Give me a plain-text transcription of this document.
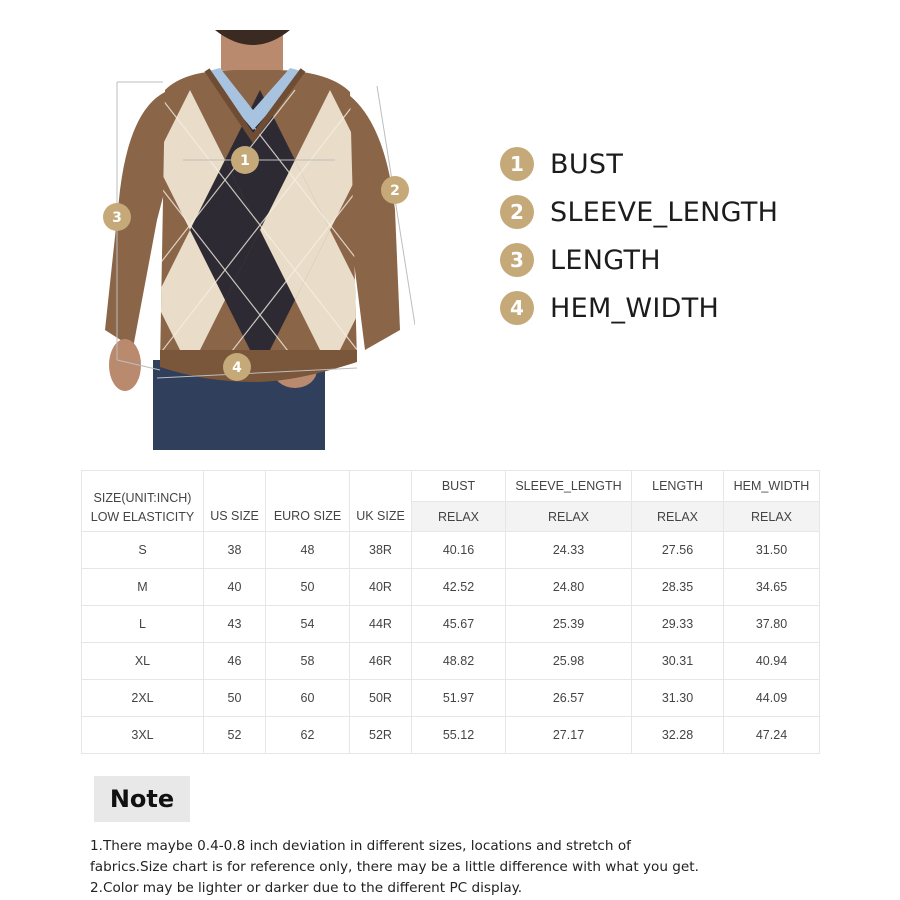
1
2
3
4
1 BUST
2 SLEEVE_LENGTH
3 LENGTH
4 HEM_WIDTH
SIZE(UNIT:INCH)
LOW ELASTICITY	US SIZE	EURO SIZE	UK SIZE	BUST	SLEEVE_LENGTH	LENGTH	HEM_WIDTH
				RELAX	RELAX	RELAX	RELAX
S	38	48	38R	40.16	24.33	27.56	31.50
M	40	50	40R	42.52	24.80	28.35	34.65
L	43	54	44R	45.67	25.39	29.33	37.80
XL	46	58	46R	48.82	25.98	30.31	40.94
2XL	50	60	50R	51.97	26.57	31.30	44.09
3XL	52	62	52R	55.12	27.17	32.28	47.24
Note
1.There maybe 0.4-0.8 inch deviation in different sizes, locations and stretch of
fabrics.Size chart is for reference only, there may be a little difference with what you get.
2.Color may be lighter or darker due to the different PC display.
